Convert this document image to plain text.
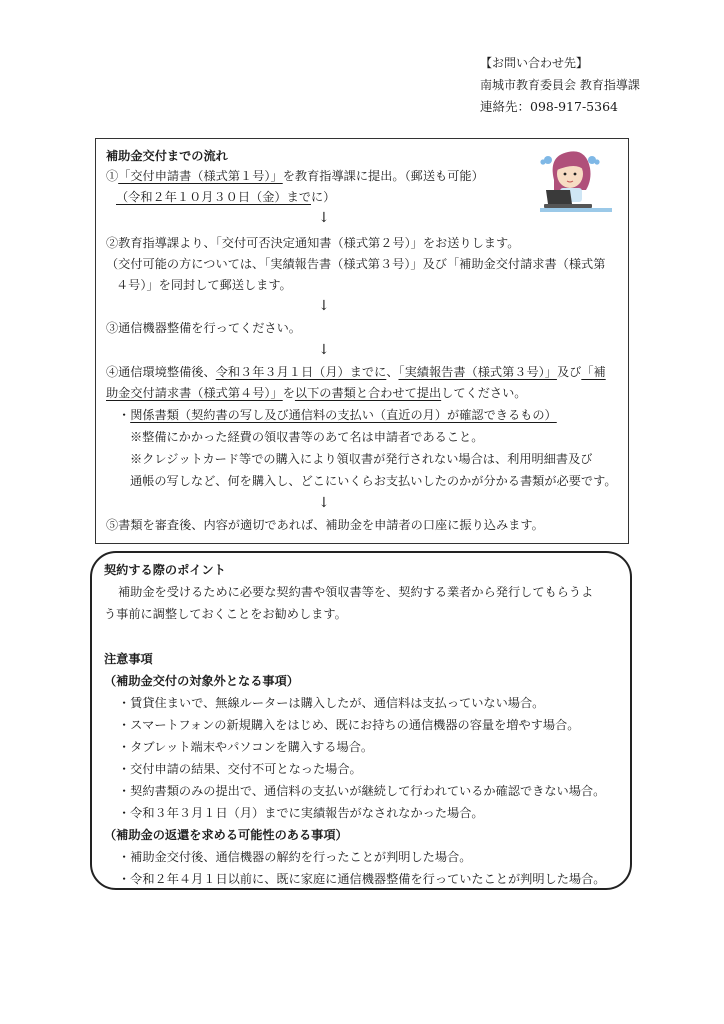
【お問い合わせ先】
南城市教育委員会 教育指導課
連絡先：098-917-5364
補助金交付までの流れ
①「交付申請書（様式第１号）」を教育指導課に提出。（郵送も可能）
（令和２年１０月３０日（金）までに）
↓
②教育指導課より、「交付可否決定通知書（様式第２号）」をお送りします。
（交付可能の方については、「実績報告書（様式第３号）」及び「補助金交付請求書（様式第
４号）」を同封して郵送します。
↓
③通信機器整備を行ってください。
↓
④通信環境整備後、令和３年３月１日（月）までに、「実績報告書（様式第３号）」及び「補
助金交付請求書（様式第４号）」を以下の書類と合わせて提出してください。
・関係書類（契約書の写し及び通信料の支払い（直近の月）が確認できるもの）
※整備にかかった経費の領収書等のあて名は申請者であること。
※クレジットカード等での購入により領収書が発行されない場合は、利用明細書及び
通帳の写しなど、何を購入し、どこにいくらお支払いしたのかが分かる書類が必要です。
↓
⑤書類を審査後、内容が適切であれば、補助金を申請者の口座に振り込みます。
契約する際のポイント
補助金を受けるために必要な契約書や領収書等を、契約する業者から発行してもらうよ
う事前に調整しておくことをお勧めします。
注意事項
（補助金交付の対象外となる事項）
・賃貸住まいで、無線ルーターは購入したが、通信料は支払っていない場合。
・スマートフォンの新規購入をはじめ、既にお持ちの通信機器の容量を増やす場合。
・タブレット端末やパソコンを購入する場合。
・交付申請の結果、交付不可となった場合。
・契約書類のみの提出で、通信料の支払いが継続して行われているか確認できない場合。
・令和３年３月１日（月）までに実績報告がなされなかった場合。
（補助金の返還を求める可能性のある事項）
・補助金交付後、通信機器の解約を行ったことが判明した場合。
・令和２年４月１日以前に、既に家庭に通信機器整備を行っていたことが判明した場合。
